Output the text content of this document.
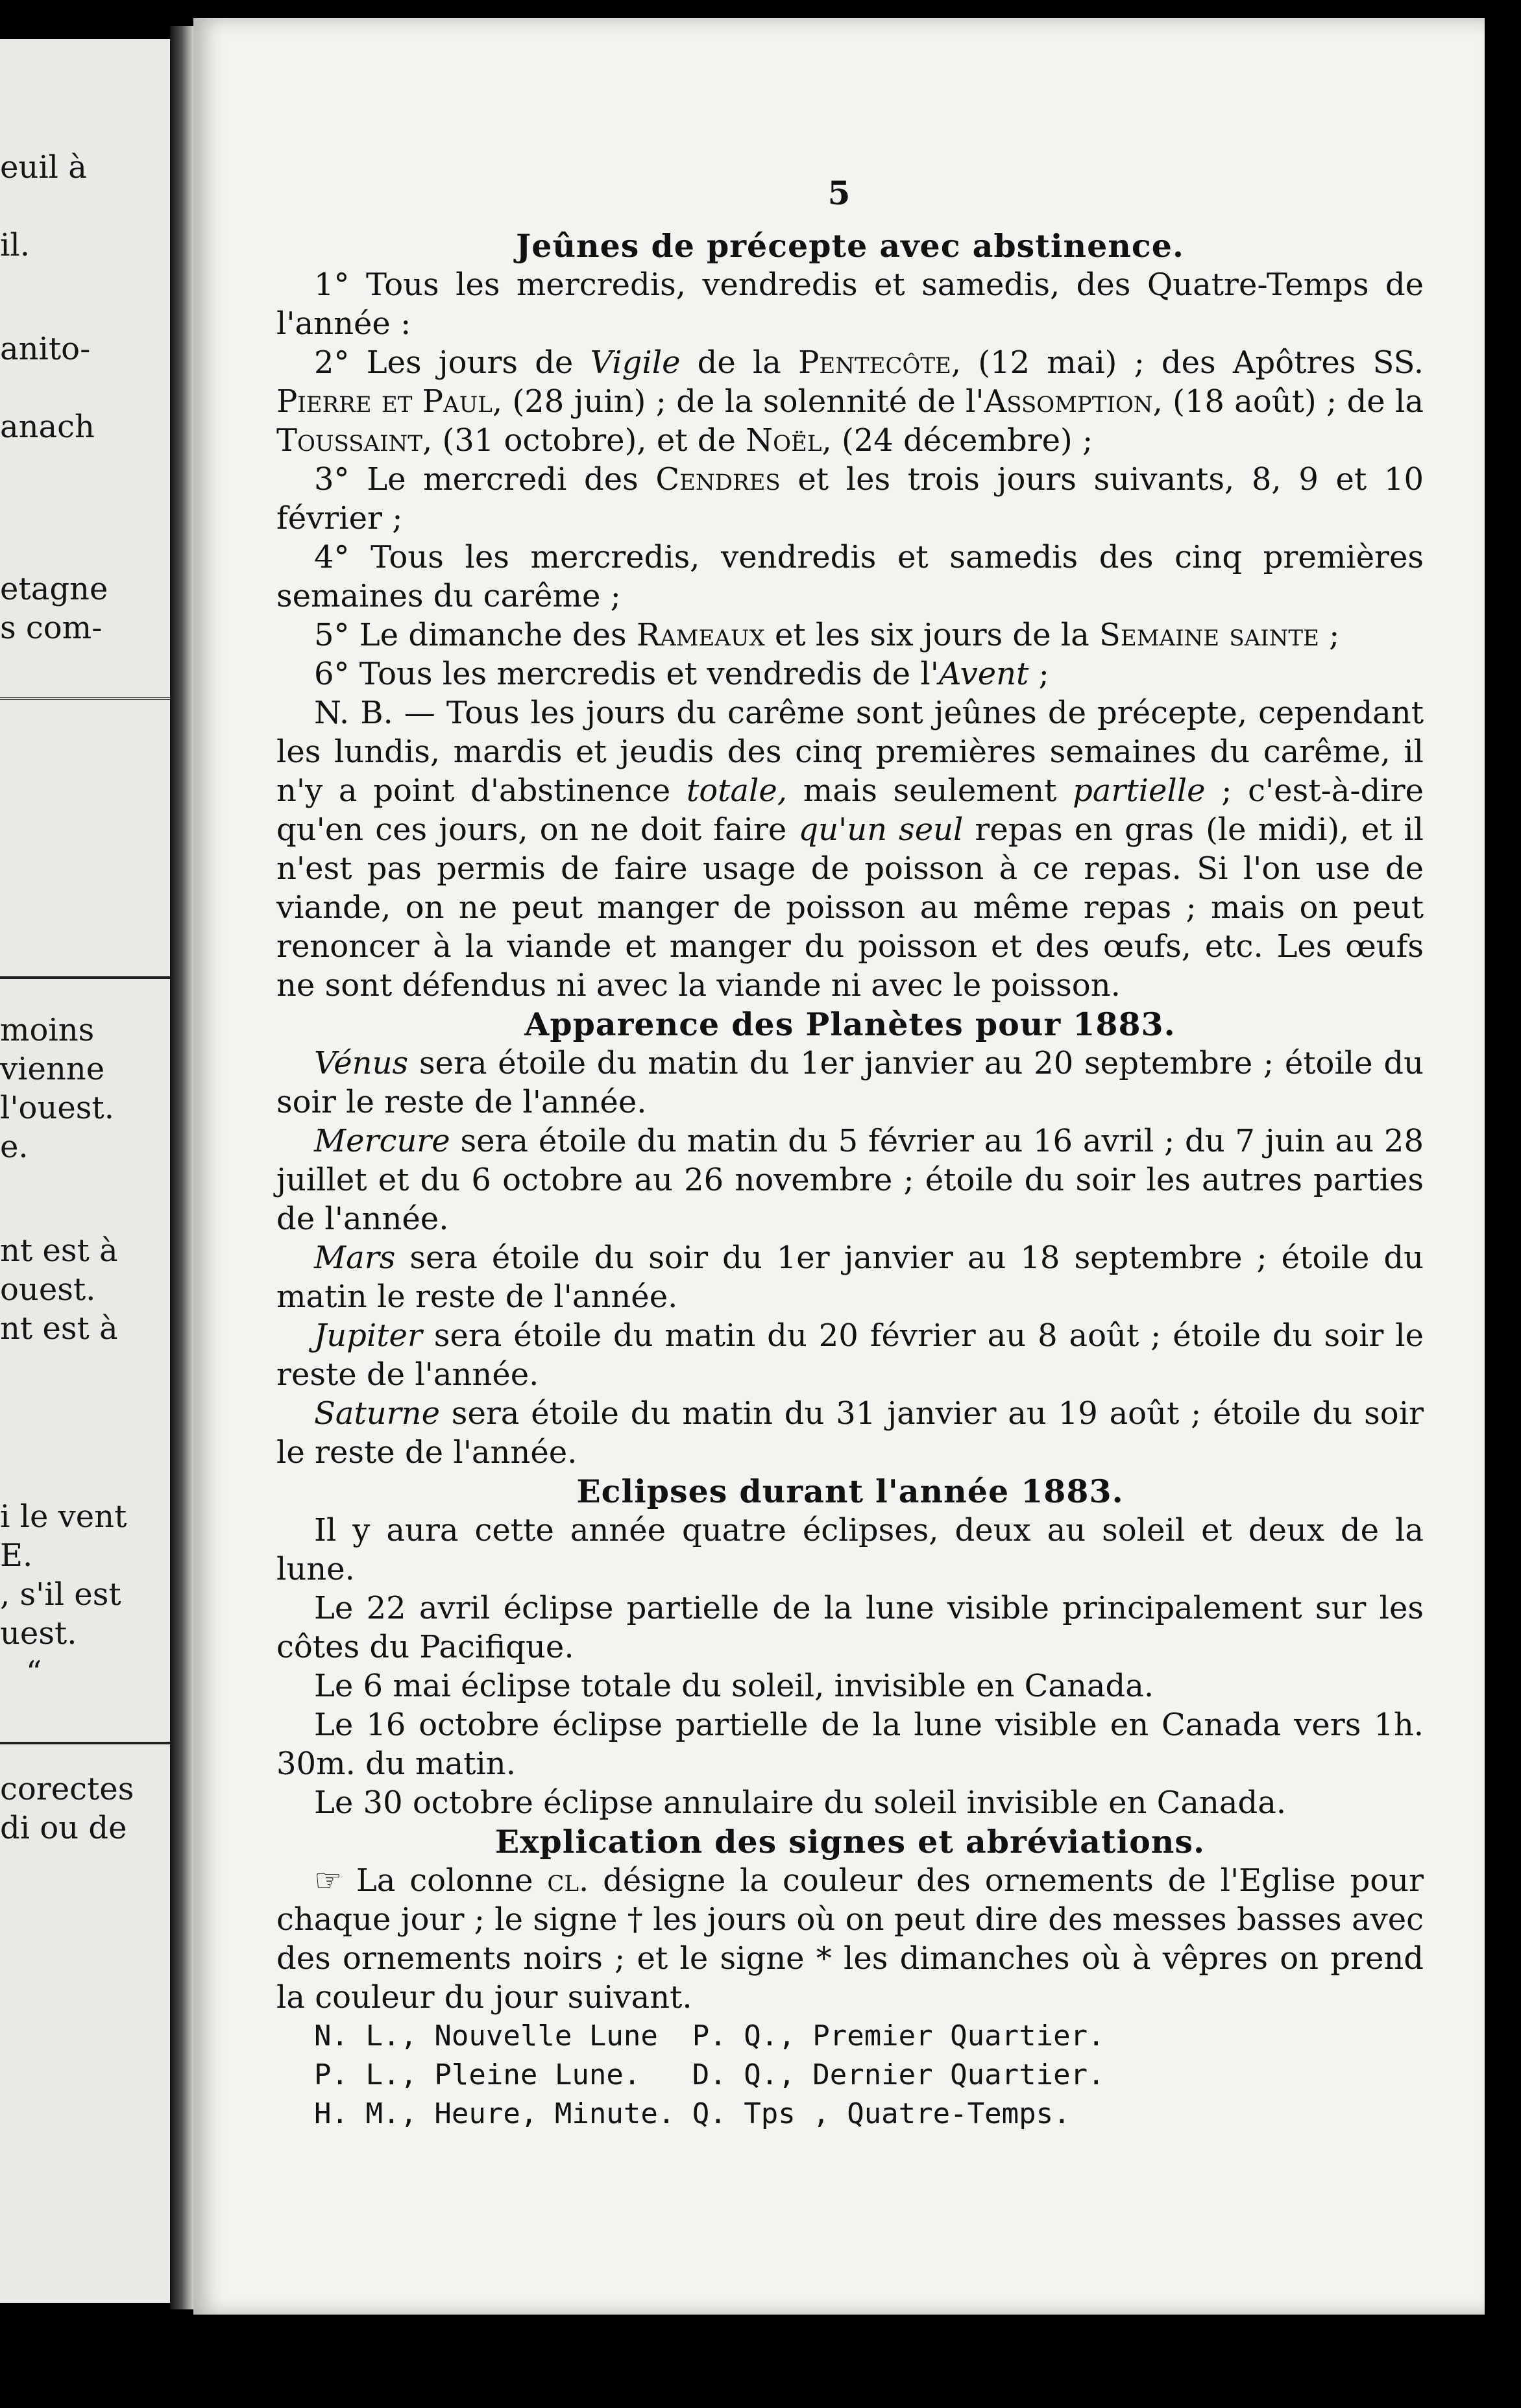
euil à
il.
anito-
anach
etagne
s com-
moins
vienne
l'ouest.
e.
nt est à
ouest.
nt est à
i le vent
E.
, s'il est
uest.
“
corectes
di ou de
5
Jeûnes de précepte avec abstinence.

1° Tous les mercredis, vendredis et samedis, des Quatre-Temps de l'année :

2° Les jours de Vigile de la Pentecôte, (12 mai) ; des Apôtres SS. Pierre et Paul, (28 juin) ; de la solennité de l'Assomption, (18 août) ; de la Toussaint, (31 octobre), et de Noël, (24 décembre) ;

3° Le mercredi des Cendres et les trois jours suivants, 8, 9 et 10 février ;

4° Tous les mercredis, vendredis et samedis des cinq premières semaines du carême ;

5° Le dimanche des Rameaux et les six jours de la Semaine sainte ;

6° Tous les mercredis et vendredis de l'Avent ;

N. B. — Tous les jours du carême sont jeûnes de précepte, cependant les lundis, mardis et jeudis des cinq premières semaines du carême, il n'y a point d'abstinence totale, mais seulement partielle ; c'est-à-dire qu'en ces jours, on ne doit faire qu'un seul repas en gras (le midi), et il n'est pas permis de faire usage de poisson à ce repas. Si l'on use de viande, on ne peut manger de poisson au même repas ; mais on peut renoncer à la viande et manger du poisson et des œufs, etc. Les œufs ne sont défendus ni avec la viande ni avec le poisson.

Apparence des Planètes pour 1883.

Vénus sera étoile du matin du 1er janvier au 20 septembre ; étoile du soir le reste de l'année.

Mercure sera étoile du matin du 5 février au 16 avril ; du 7 juin au 28 juillet et du 6 octobre au 26 novembre ; étoile du soir les autres parties de l'année.

Mars sera étoile du soir du 1er janvier au 18 septembre ; étoile du matin le reste de l'année.

Jupiter sera étoile du matin du 20 février au 8 août ; étoile du soir le reste de l'année.

Saturne sera étoile du matin du 31 janvier au 19 août ; étoile du soir le reste de l'année.

Eclipses durant l'année 1883.

Il y aura cette année quatre éclipses, deux au soleil et deux de la lune.

Le 22 avril éclipse partielle de la lune visible principalement sur les côtes du Pacifique.

Le 6 mai éclipse totale du soleil, invisible en Canada.

Le 16 octobre éclipse partielle de la lune visible en Canada vers 1h. 30m. du matin.

Le 30 octobre éclipse annulaire du soleil invisible en Canada.

Explication des signes et abréviations.

☞ La colonne cl. désigne la couleur des ornements de l'Eglise pour chaque jour ; le signe † les jours où on peut dire des messes basses avec des ornements noirs ; et le signe * les dimanches où à vêpres on prend la couleur du jour suivant.

N. L., Nouvelle Lune  P. Q., Premier Quartier.

P. L., Pleine Lune.   D. Q., Dernier Quartier.

H. M., Heure, Minute. Q. Tps , Quatre-Temps.
